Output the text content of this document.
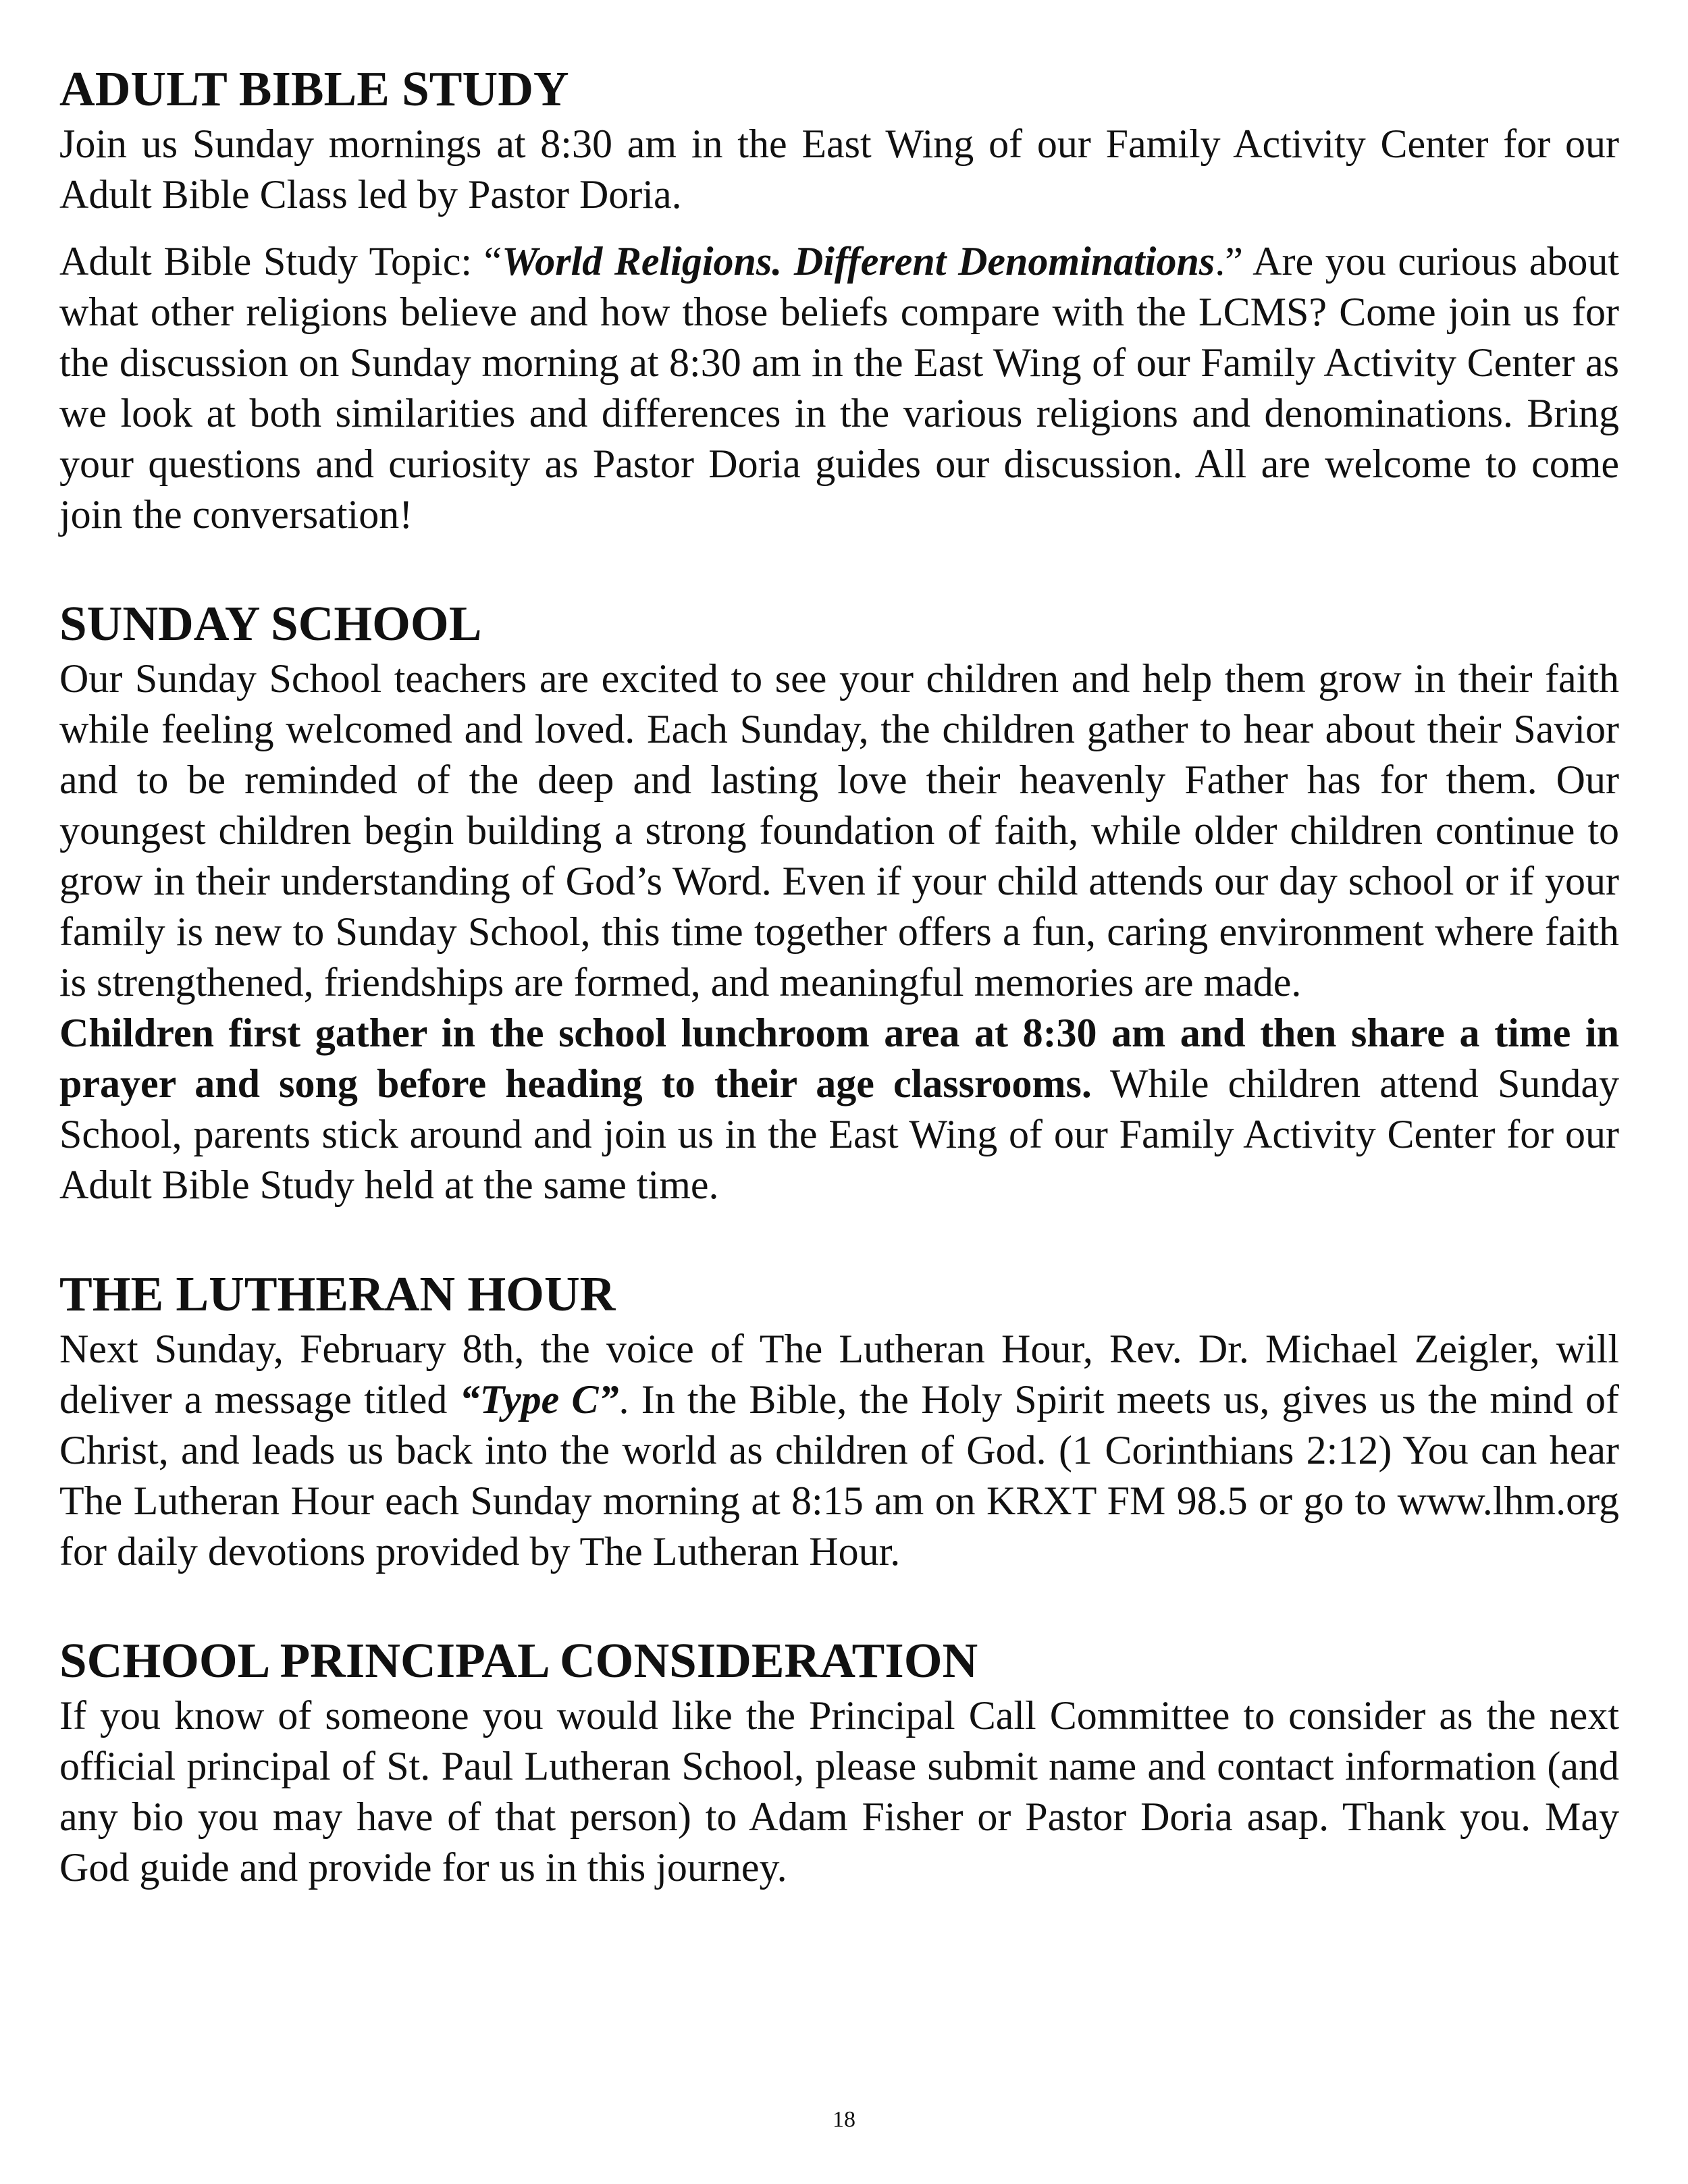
ADULT BIBLE STUDY

Join us Sunday mornings at 8:30 am in the East Wing of our Family Activity Center for our Adult Bible Class led by Pastor Doria.

Adult Bible Study Topic: “World Religions. Different Denominations.” Are you curious about what other religions believe and how those beliefs compare with the LCMS? Come join us for the discussion on Sunday morning at 8:30 am in the East Wing of our Family Activity Center as we look at both similarities and differences in the various religions and denominations. Bring your questions and curiosity as Pastor Doria guides our discussion. All are welcome to come join the conversation!

SUNDAY SCHOOL

Our Sunday School teachers are excited to see your children and help them grow in their faith while feeling welcomed and loved. Each Sunday, the children gather to hear about their Savior and to be reminded of the deep and lasting love their heavenly Father has for them. Our youngest children begin building a strong foundation of faith, while older children continue to grow in their understanding of God’s Word. Even if your child attends our day school or if your family is new to Sunday School, this time together offers a fun, caring environment where faith is strengthened, friendships are formed, and meaningful memories are made.

Children first gather in the school lunchroom area at 8:30 am and then share a time in prayer and song before heading to their age classrooms. While children attend Sunday School, parents stick around and join us in the East Wing of our Family Activity Center for our Adult Bible Study held at the same time.

THE LUTHERAN HOUR

Next Sunday, February 8th, the voice of The Lutheran Hour, Rev. Dr. Michael Zeigler, will deliver a message titled “Type C”. In the Bible, the Holy Spirit meets us, gives us the mind of Christ, and leads us back into the world as children of God. (1 Corinthians 2:12) You can hear The Lutheran Hour each Sunday morning at 8:15 am on KRXT FM 98.5 or go to www.lhm.org for daily devotions provided by The Lutheran Hour.

SCHOOL PRINCIPAL CONSIDERATION

If you know of someone you would like the Principal Call Committee to consider as the next official principal of St. Paul Lutheran School, please submit name and contact information (and any bio you may have of that person) to Adam Fisher or Pastor Doria asap. Thank you. May God guide and provide for us in this journey.

18
